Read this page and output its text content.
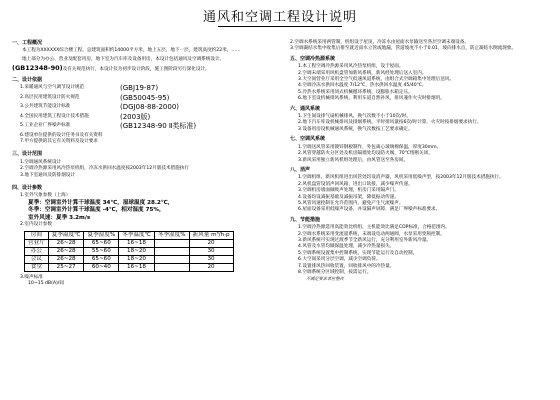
通风和空调工程设计说明
一、工程概况

本工程为XXXXXX综合楼工程，总建筑面积约14000平方米，地上五层，地下一层，建筑高度约22米，……

地上部分为办公、营业及配套用房，地下室为汽车库及设备用房，本设计包括通风及空调系统设计。

(GB12348-90)及有关规范执行，本设计仅为初步设计阶段，施工图阶段另行深化设计。

二、设计依据
1.采暖通风与空气调节设计规范	(GBJ19-87)
2.高层民用建筑设计防火规范	(GB50045-95)
3.公共建筑节能设计标准	(DGJ08-88-2000)
4.全国民用建筑工程设计技术措施	(2003版)
5.工业企业厂界噪声标准	(GB12348-90 Ⅱ类标准)

6.建设单位提供的设计任务书及有关资料

7.甲方提供的其它有关资料及设计要求

三、设计范围

1.空调通风系统设计

2.空调冷热源采用风冷热泵机组，冷冻水供回水温度按2003年12月版技术措施执行

3.地下室通风及防排烟设计

四、设计参数

1.室外气象参数（上海）

夏季：空调室外计算干球温度 34℃，湿球温度 28.2℃，

冬季：空调室外计算干球温度 -4℃，相对湿度 75%，

室外风速：夏季 3.2m/s

2.室内设计参数

房间	夏季温度℃	夏季湿度%	冬季温度℃	冬季湿度%	新风量 m³/h·p
营业厅	26~28	65~60	16~18		20
办公	26~28	55~60	18~20		30
会议	26~28	65~60	18~20		30
食堂	25~27	60~40	16~18		20

3.噪声标准

10~15 dB(A)/间

2.空调水系统采用两管制，机组设于屋顶，冷冻水由屋面水泵输送至各层空调末端设备。

3.空调凝结水集中收集后排至就近雨水立管或地漏，管道坡度不小于0.01，坡向排水点，防止凝结水倒流现象。

五、空调冷热源系统

1.本工程空调冷热源采用风冷热泵机组，设于屋面。

2.空调末端采用风机盘管加新风系统，新风经处理后送入室内。

3.大空间营业厅采用全空气低速风道系统，由组合式空调箱集中处理后送风。

4.空调冷冻水供回水温度 7/12℃，热水供回水温度 45/40℃。

5.冷热水系统采用闭式机械循环系统，设膨胀水箱定压。

6.地下室设机械排风系统，利用车道自然补风，排风兼作火灾时排烟用。

六、通风系统

1.卫生间设排气扇机械排风，换气次数不小于10次/时。

2.地下汽车库设机械排风及排烟系统，平时排风量按6次/时计算，火灾时按排烟要求执行。

3.设备用房设机械通风系统，换气次数按工艺要求确定。

七、空调风系统

1.空调送风管采用镀锌钢板制作，外包离心玻璃棉保温，厚度30mm。

2.风管穿越防火分区处及机房隔墙处均设防火阀，70℃熔断关闭。

3.新风采用独立新风机组处理后，由风管送至各房间。

八、消声

1.空调机组、新风机组进出风管处均设消声器，风机采用低噪声型，按2003年12月版技术措施执行。

2.风机盘管设消声回风箱，进出口软接，减少噪声传递。

3.空调机房墙面做吸声处理，机房门采用隔声门。

4.设备均设减振基础及减振吊架，降低振动传递。

5.风管风速控制在允许范围内，避免产生气流噪声。

6.屋面设备采用低噪声设备，并设隔声屏障，满足厂界噪声标准要求。

九、节能措施

1.空调冷热源选用高能效比机组，主机能效比满足COP标准，合格范围内。

2.空调水系统采用变流量系统，末端设电动两通阀，水泵采用变频控制。

3.新风系统可实现过渡季节全新风运行，充分利用室外新风冷量。

4.风管及水管均做保温处理，减少冷热量损失。

5.空调系统设置集中控制系统，实现节能运行及自动控制。

6.大空间采用分层空调，减少空调负荷。

7.设置排风热回收装置，回收排风中的冷热量。

8.空调系统分区域控制，按需运行。

不满足要求者应整改
